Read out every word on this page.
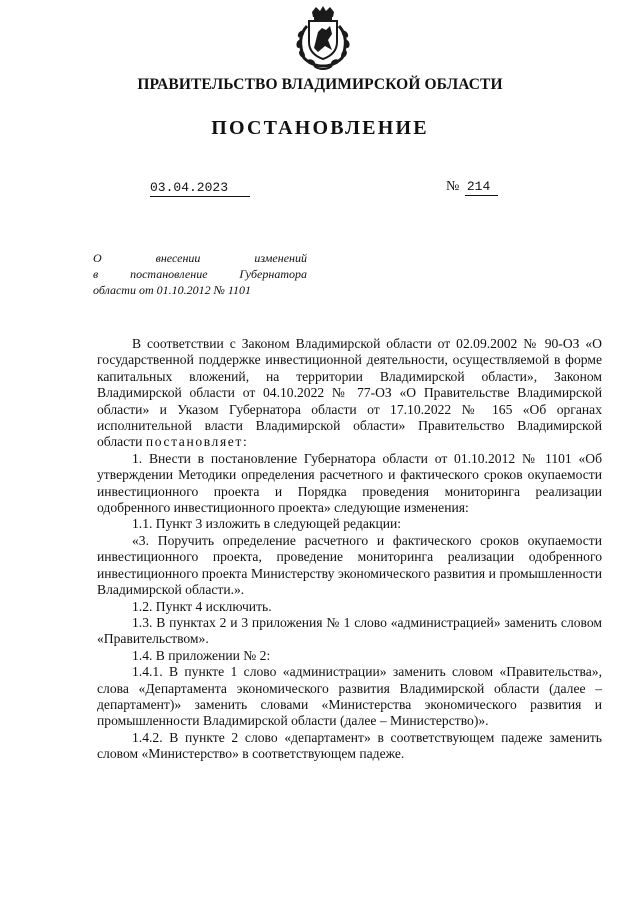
ПРАВИТЕЛЬСТВО ВЛАДИМИРСКОЙ ОБЛАСТИ
ПОСТАНОВЛЕНИЕ
03.04.2023	№ 214
О	внесении	изменений
в	постановление	Губернатора
области от 01.10.2012 № 1101

В соответствии с Законом Владимирской области от 02.09.2002 № 90-ОЗ «О государственной поддержке инвестиционной деятельности, осуществляемой в форме капитальных вложений, на территории Владимирской области», Законом Владимирской области от 04.10.2022 № 77-ОЗ «О Правительстве Владимирской области» и Указом Губернатора области от 17.10.2022 № 165 «Об органах исполнительной власти Владимирской области» Правительство Владимирской области постановляет:

1. Внести в постановление Губернатора области от 01.10.2012 № 1101 «Об утверждении Методики определения расчетного и фактического сроков окупаемости инвестиционного проекта и Порядка проведения мониторинга реализации одобренного инвестиционного проекта» следующие изменения:

1.1. Пункт 3 изложить в следующей редакции:

«3. Поручить определение расчетного и фактического сроков окупаемости инвестиционного проекта, проведение мониторинга реализации одобренного инвестиционного проекта Министерству экономического развития и промышленности Владимирской области.».

1.2. Пункт 4 исключить.

1.3. В пунктах 2 и 3 приложения № 1 слово «администрацией» заменить словом «Правительством».

1.4. В приложении № 2:

1.4.1. В пункте 1 слово «администрации» заменить словом «Правительства», слова «Департамента экономического развития Владимирской области (далее – департамент)» заменить словами «Министерства экономического развития и промышленности Владимирской области (далее – Министерство)».

1.4.2. В пункте 2 слово «департамент» в соответствующем падеже заменить словом «Министерство» в соответствующем падеже.
